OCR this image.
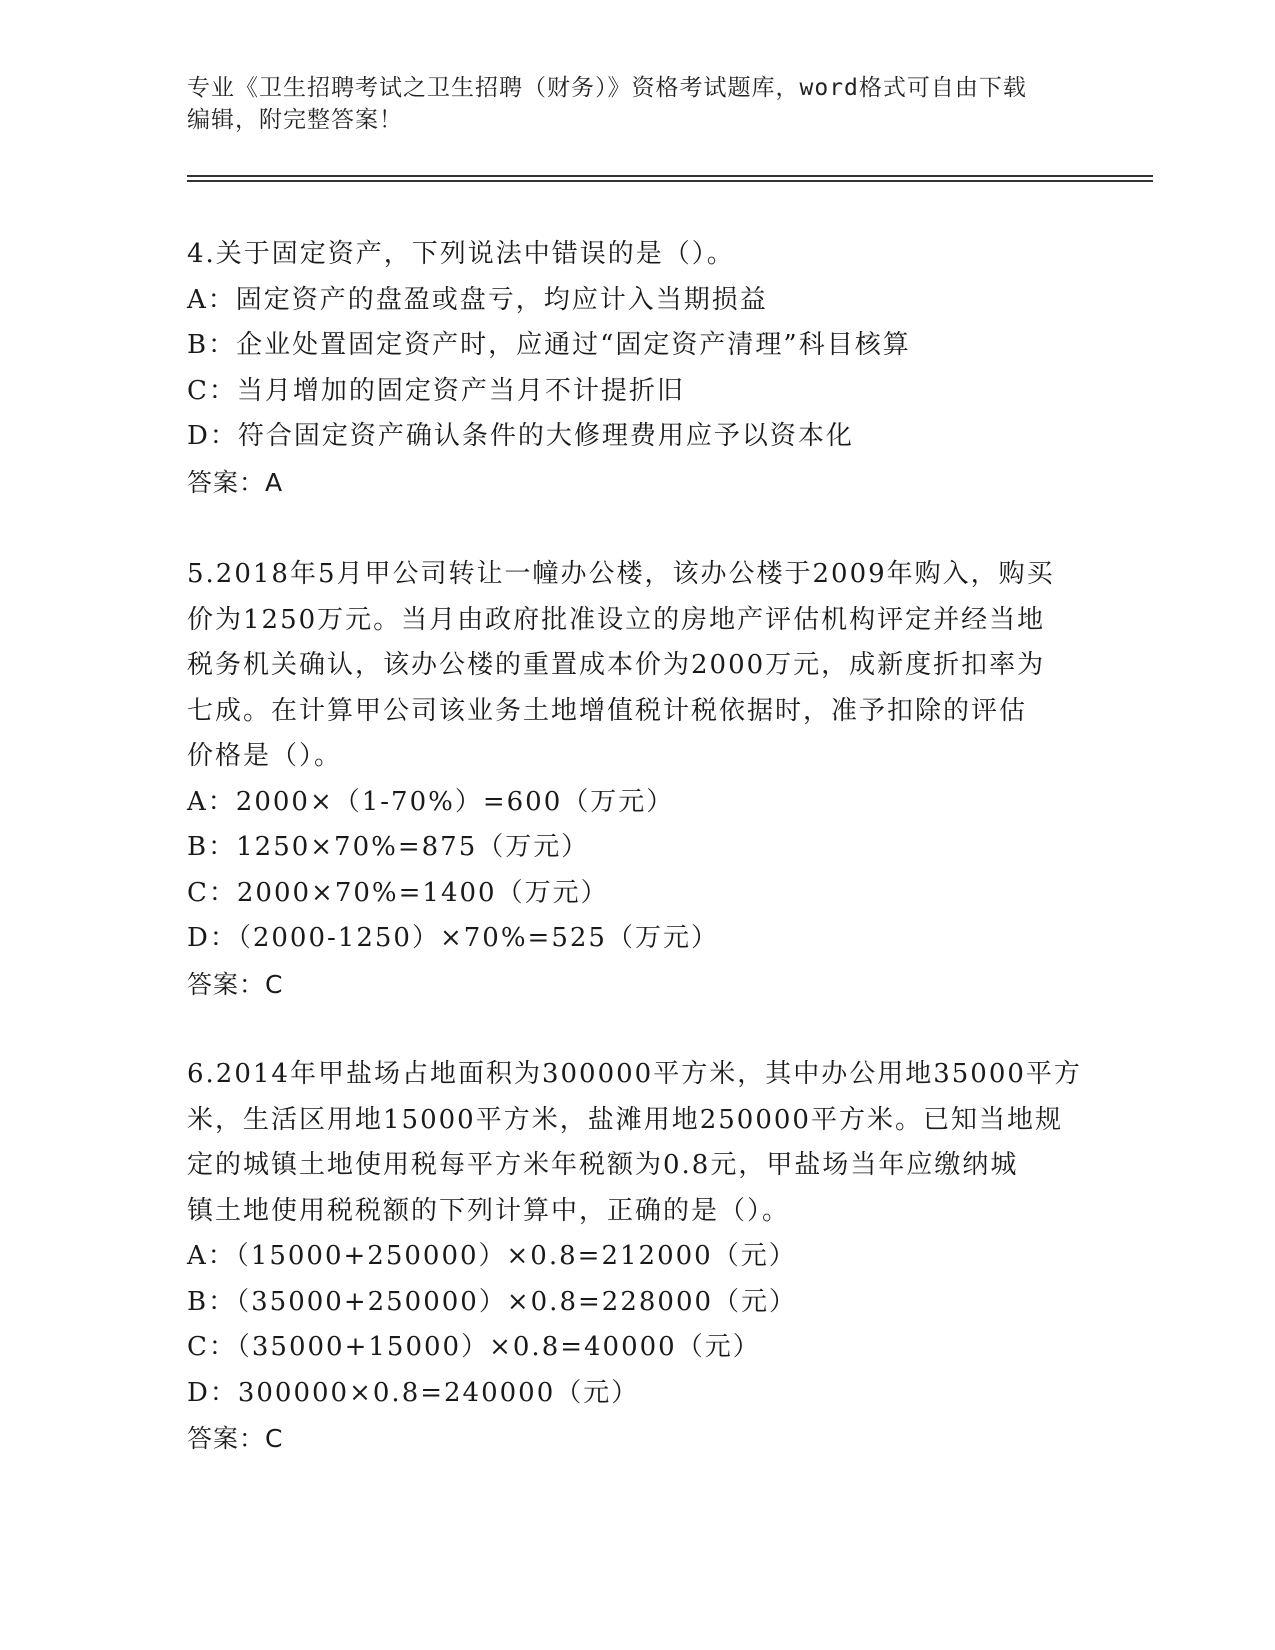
专业《卫生招聘考试之卫生招聘（财务）》资格考试题库，word格式可自由下载
编辑，附完整答案！
4.关于固定资产，下列说法中错误的是（）。
A：固定资产的盘盈或盘亏，均应计入当期损益
B：企业处置固定资产时，应通过“固定资产清理”科目核算
C：当月增加的固定资产当月不计提折旧
D：符合固定资产确认条件的大修理费用应予以资本化
答案：A
5.2018年5月甲公司转让一幢办公楼，该办公楼于2009年购入，购买
价为1250万元。当月由政府批准设立的房地产评估机构评定并经当地
税务机关确认，该办公楼的重置成本价为2000万元，成新度折扣率为
七成。在计算甲公司该业务土地增值税计税依据时，准予扣除的评估
价格是（）。
A：2000×（1-70%）=600（万元）
B：1250×70%=875（万元）
C：2000×70%=1400（万元）
D：（2000-1250）×70%=525（万元）
答案：C
6.2014年甲盐场占地面积为300000平方米，其中办公用地35000平方
米，生活区用地15000平方米，盐滩用地250000平方米。已知当地规
定的城镇土地使用税每平方米年税额为0.8元，甲盐场当年应缴纳城
镇土地使用税税额的下列计算中，正确的是（）。
A：（15000+250000）×0.8=212000（元）
B：（35000+250000）×0.8=228000（元）
C：（35000+15000）×0.8=40000（元）
D：300000×0.8=240000（元）
答案：C
